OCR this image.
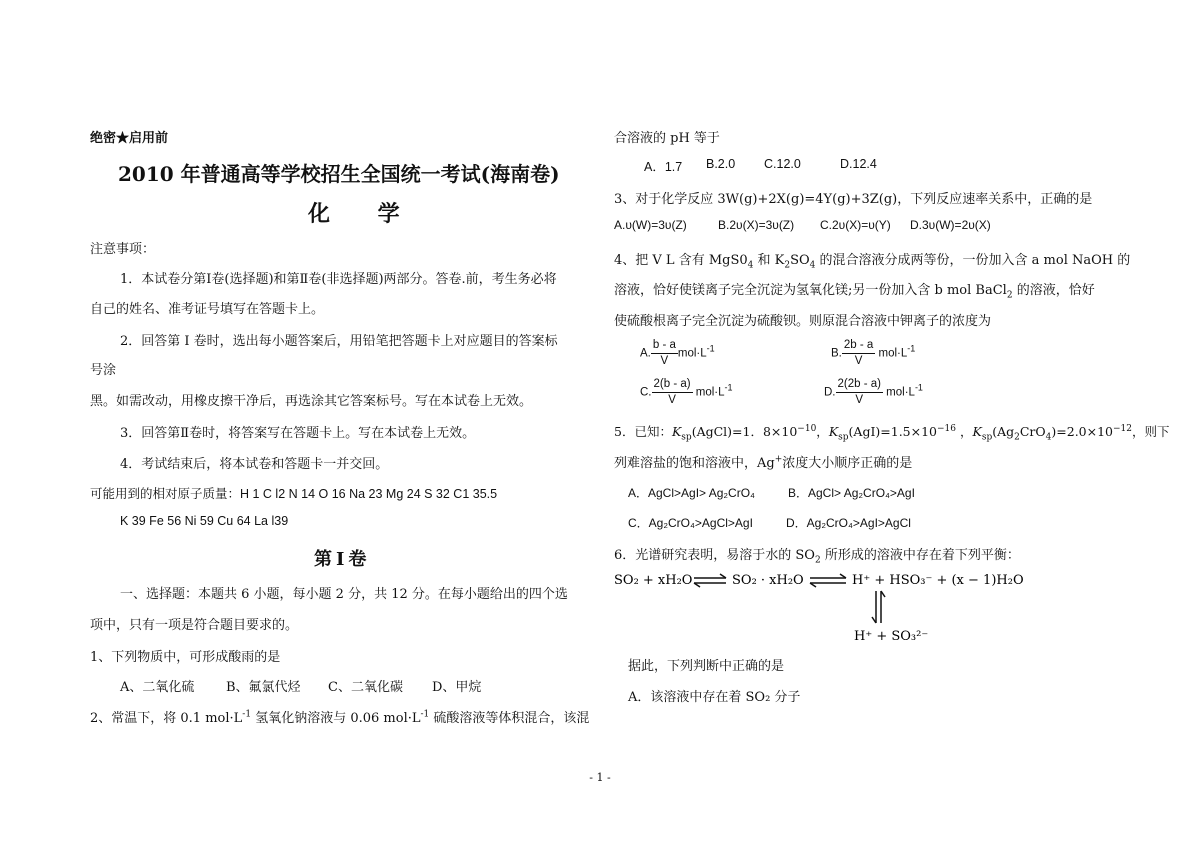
绝密★启用前
2010 年普通高等学校招生全国统一考试(海南卷)
化 学
注意事项：
1．本试卷分第Ⅰ卷(选择题)和第Ⅱ卷(非选择题)两部分。答卷.前，考生务必将
自己的姓名、准考证号填写在答题卡上。
2．回答第 I 卷时，选出每小题答案后，用铅笔把答题卡上对应题目的答案标
号涂
黑。如需改动，用橡皮擦干净后，再选涂其它答案标号。写在本试卷上无效。
3．回答第Ⅱ卷时，将答案写在答题卡上。写在本试卷上无效。
4．考试结束后，将本试卷和答题卡一并交回。
可能用到的相对原子质量：H 1 C l2 N 14 O 16 Na 23 Mg 24 S 32 C1 35.5
K 39 Fe 56 Ni 59 Cu 64 La l39
第Ⅰ卷
一、选择题：本题共 6 小题，每小题 2 分，共 12 分。在每小题给出的四个选
项中，只有一项是符合题目要求的。
1、下列物质中，可形成酸雨的是
A、二氧化硫 B、氟氯代烃 C、二氧化碳 D、甲烷
2、常温下，将 0.1 $mol\cdot L^{-1}$ 氢氧化钠溶液与 0.06 $mol\cdot L^{-1}$ 硫酸溶液等体积混合，该混
合溶液的 pH 等于
A．1.7 B.2.0 C.12.0	D.12.4
3、对于化学反应 3W(g)+2X(g)=4Y(g)+3Z(g)，下列反应速率关系中，正确的是
A.υ(W)=3υ(Z)	B.2υ(X)=3υ(Z) C.2υ(X)=υ(Y) D.3υ(W)=2υ(X)
4、把 V L 含有 $MgS0_4$ 和 $K_2SO_4$ 的混合溶液分成两等份，一份加入含 a mol NaOH 的
溶液，恰好使镁离子完全沉淀为氢氧化镁;另一份加入含 b mol BaCl$_2$ 的溶液，恰好
使硫酸根离子完全沉淀为硫酸钡。则原混合溶液中钾离子的浓度为
A. $\frac{b - a}{V} mol\cdot L^{-1}$	B. $\frac{2b - a}{V} mol\cdot L^{-1}$
C. $\frac{2(b - a)}{V} mol\cdot L^{-1}$	D. $\frac{2(2b - a)}{V} mol\cdot L^{-1}$
5．已知：$K_{sp}(AgCl)=1$．$8\times 10^{-10}$，$K_{sp}(AgI)=1.5\times 10^{-16}$ ，$K_{sp}(Ag_2CrO_4)=2.0\times 10^{-12}$，则下
列难溶盐的饱和溶液中，Ag+浓度大小顺序正确的是
A．AgCl>AgI> Ag₂CrO₄	B．AgCl> Ag₂CrO₄>AgI
C．Ag₂CrO₄>AgCl>AgI	D．Ag₂CrO₄>AgI>AgCl
6．光谱研究表明，易溶于水的 $SO_2$ 所形成的溶液中存在着下列平衡：
SO₂ + xH₂O	SO₂ · xH₂O	H⁺ + HSO₃⁻ + (x − 1)H₂O
H⁺ + SO₃²⁻
据此，下列判断中正确的是
A．该溶液中存在着 SO₂ 分子
- 1 -
